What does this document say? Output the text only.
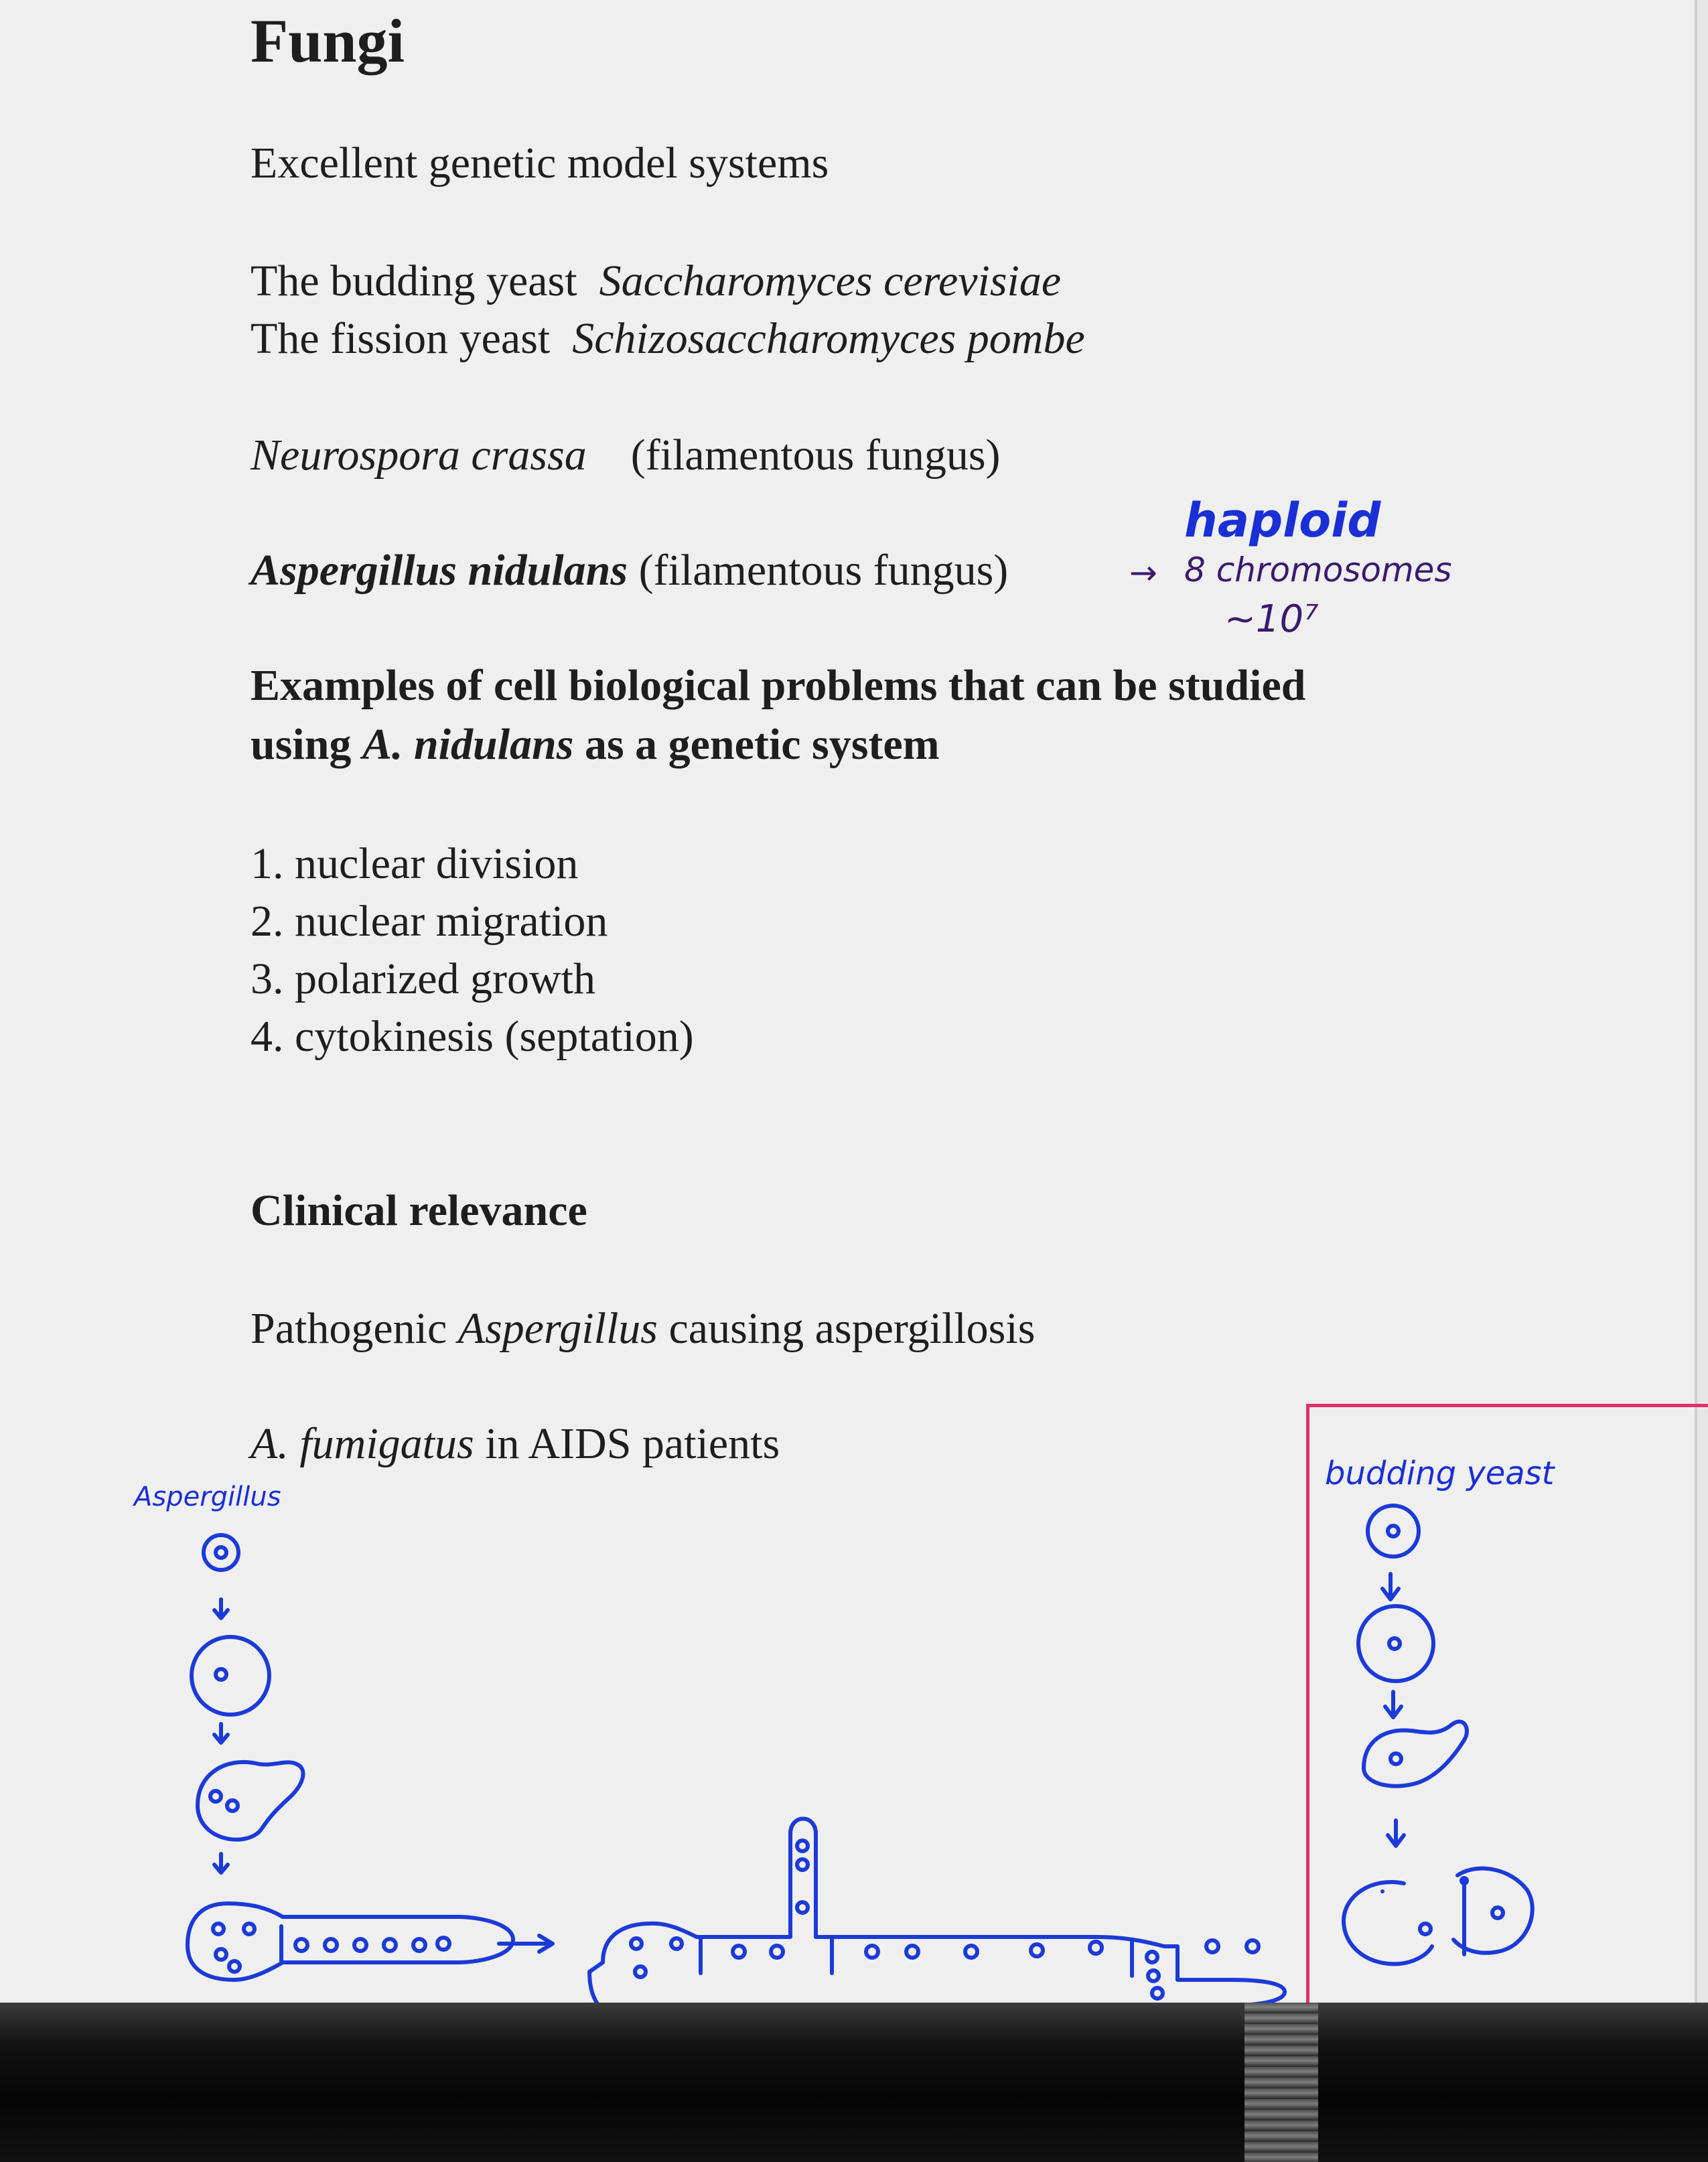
Fungi
Excellent genetic model systems
The budding yeast Saccharomyces cerevisiae
The fission yeast Schizosaccharomyces pombe
Neurospora crassa (filamentous fungus)
Aspergillus nidulans (filamentous fungus)	→
haploid
8 chromosomes
~10⁷
Examples of cell biological problems that can be studied
using A. nidulans as a genetic system
1. nuclear division
2. nuclear migration
3. polarized growth
4. cytokinesis (septation)
Clinical relevance
Pathogenic Aspergillus causing aspergillosis
A. fumigatus in AIDS patients
Aspergillus
budding yeast
